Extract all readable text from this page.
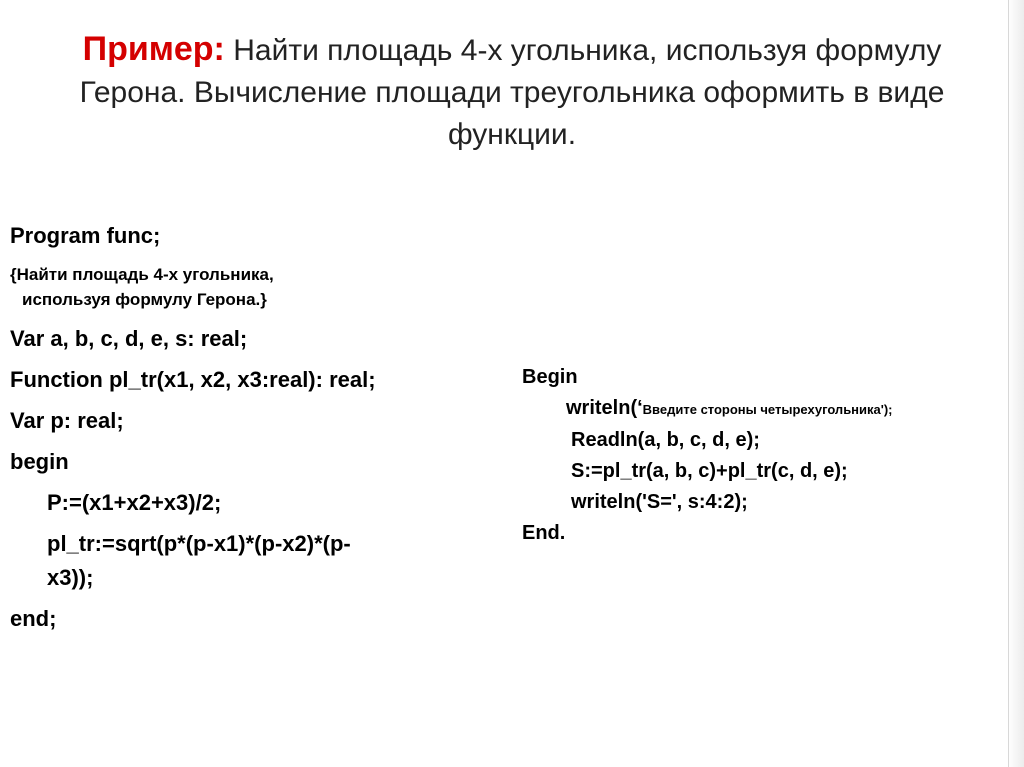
Пример: Найти площадь 4-х угольника, используя формулу Герона. Вычисление площади треугольника оформить в виде функции.
Program func;
{Найти площадь 4-х угольника,
используя формулу Герона.}
Var a, b, c, d, e, s: real;
Function pl_tr(x1, x2, x3:real): real;
Var p: real;
begin
P:=(x1+x2+x3)/2;
pl_tr:=sqrt(p*(p-x1)*(p-x2)*(p-
x3));
end;
Begin
writeln(‘Введите стороны четырехугольника');
Readln(a, b, c, d, e);
S:=pl_tr(a, b, c)+pl_tr(c, d, e);
writeln('S=', s:4:2);
End.
